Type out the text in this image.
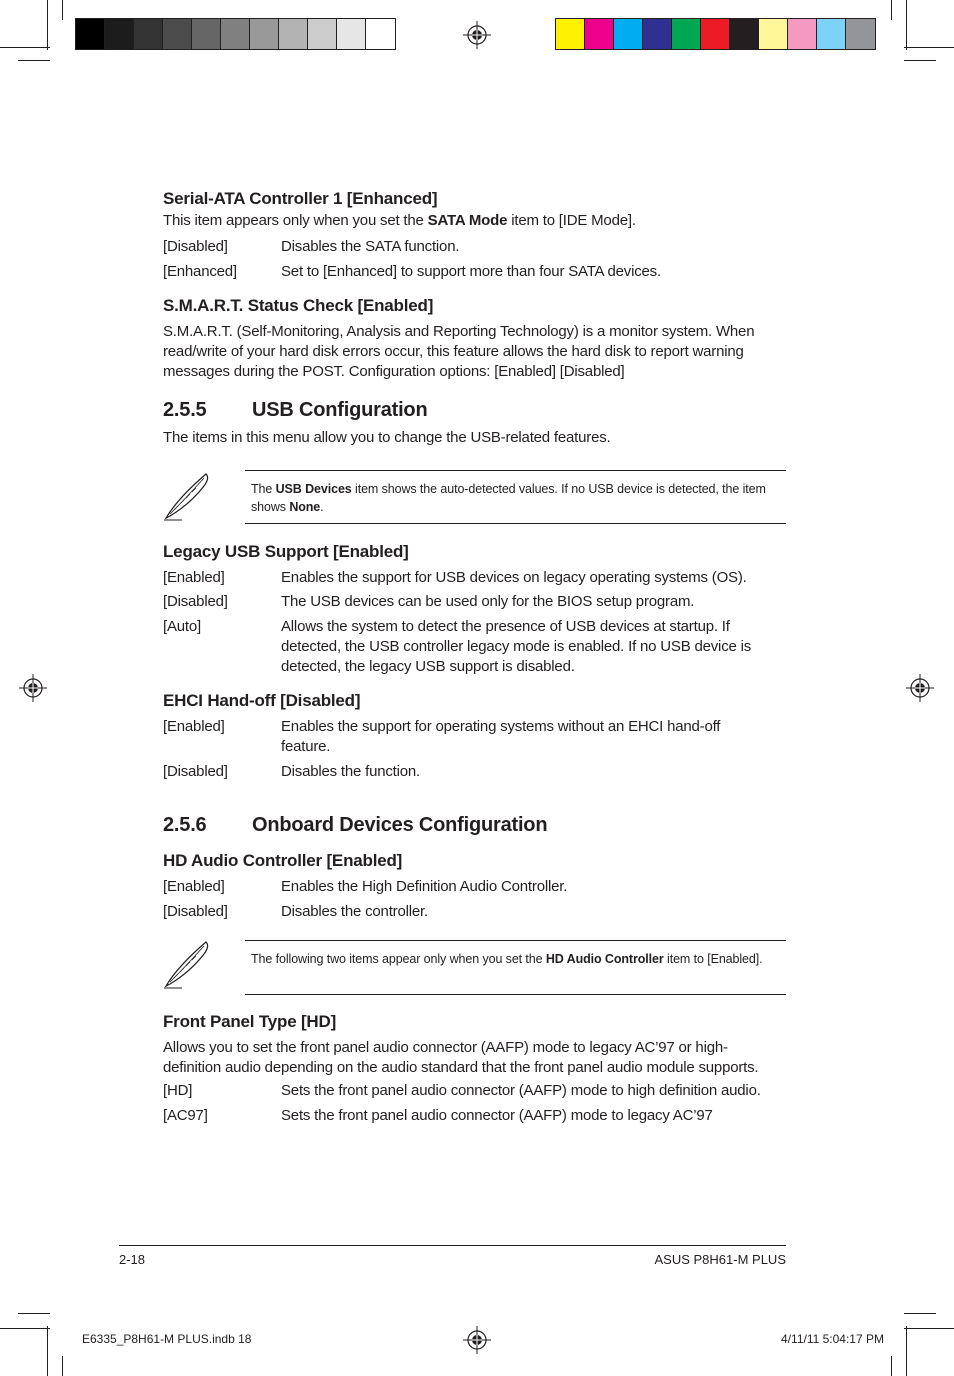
Serial-ATA Controller 1 [Enhanced]
This item appears only when you set the SATA Mode item to [IDE Mode].
[Disabled]	Disables the SATA function.
[Enhanced]	Set to [Enhanced] to support more than four SATA devices.
S.M.A.R.T. Status Check [Enabled]
S.M.A.R.T. (Self-Monitoring, Analysis and Reporting Technology) is a monitor system. When
read/write of your hard disk errors occur, this feature allows the hard disk to report warning
messages during the POST. Configuration options: [Enabled] [Disabled]
2.5.5 USB Configuration
The items in this menu allow you to change the USB-related features.
The USB Devices item shows the auto-detected values. If no USB device is detected, the item shows None.
Legacy USB Support [Enabled]
[Enabled]	Enables the support for USB devices on legacy operating systems (OS).
[Disabled]	The USB devices can be used only for the BIOS setup program.
[Auto]	Allows the system to detect the presence of USB devices at startup. If
detected, the USB controller legacy mode is enabled. If no USB device is
detected, the legacy USB support is disabled.
EHCI Hand-off [Disabled]
[Enabled]	Enables the support for operating systems without an EHCI hand-off
feature.
[Disabled]	Disables the function.
2.5.6 Onboard Devices Configuration
HD Audio Controller [Enabled]
[Enabled]	Enables the High Definition Audio Controller.
[Disabled]	Disables the controller.
The following two items appear only when you set the HD Audio Controller item to [Enabled].
Front Panel Type [HD]
Allows you to set the front panel audio connector (AAFP) mode to legacy AC’97 or high-
definition audio depending on the audio standard that the front panel audio module supports.
[HD]	Sets the front panel audio connector (AAFP) mode to high definition audio.
[AC97]	Sets the front panel audio connector (AAFP) mode to legacy AC’97
2-18	ASUS P8H61-M PLUS
E6335_P8H61-M PLUS.indb 18	4/11/11 5:04:17 PM
